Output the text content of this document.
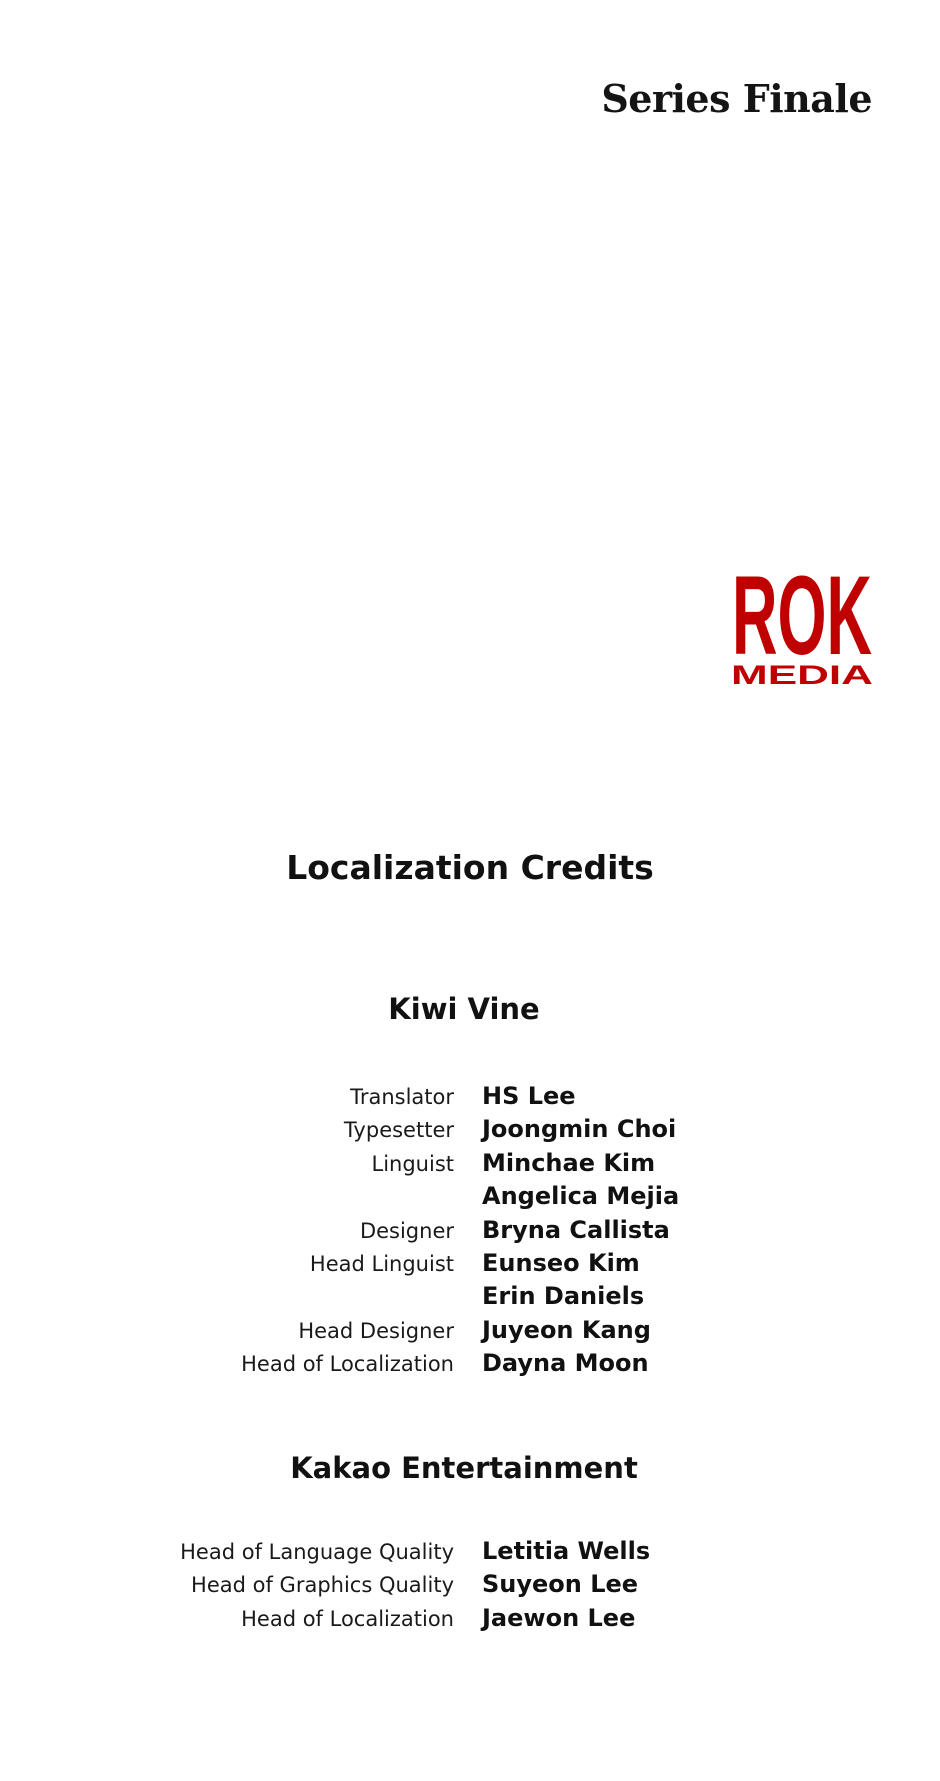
Series Finale
ROK
MEDIA
Localization Credits
Kiwi Vine
Translator HS Lee
Typesetter Joongmin Choi
Linguist Minchae Kim
Angelica Mejia
Designer Bryna Callista
Head Linguist Eunseo Kim
Erin Daniels
Head Designer Juyeon Kang
Head of Localization Dayna Moon
Kakao Entertainment
Head of Language Quality Letitia Wells
Head of Graphics Quality Suyeon Lee
Head of Localization Jaewon Lee
